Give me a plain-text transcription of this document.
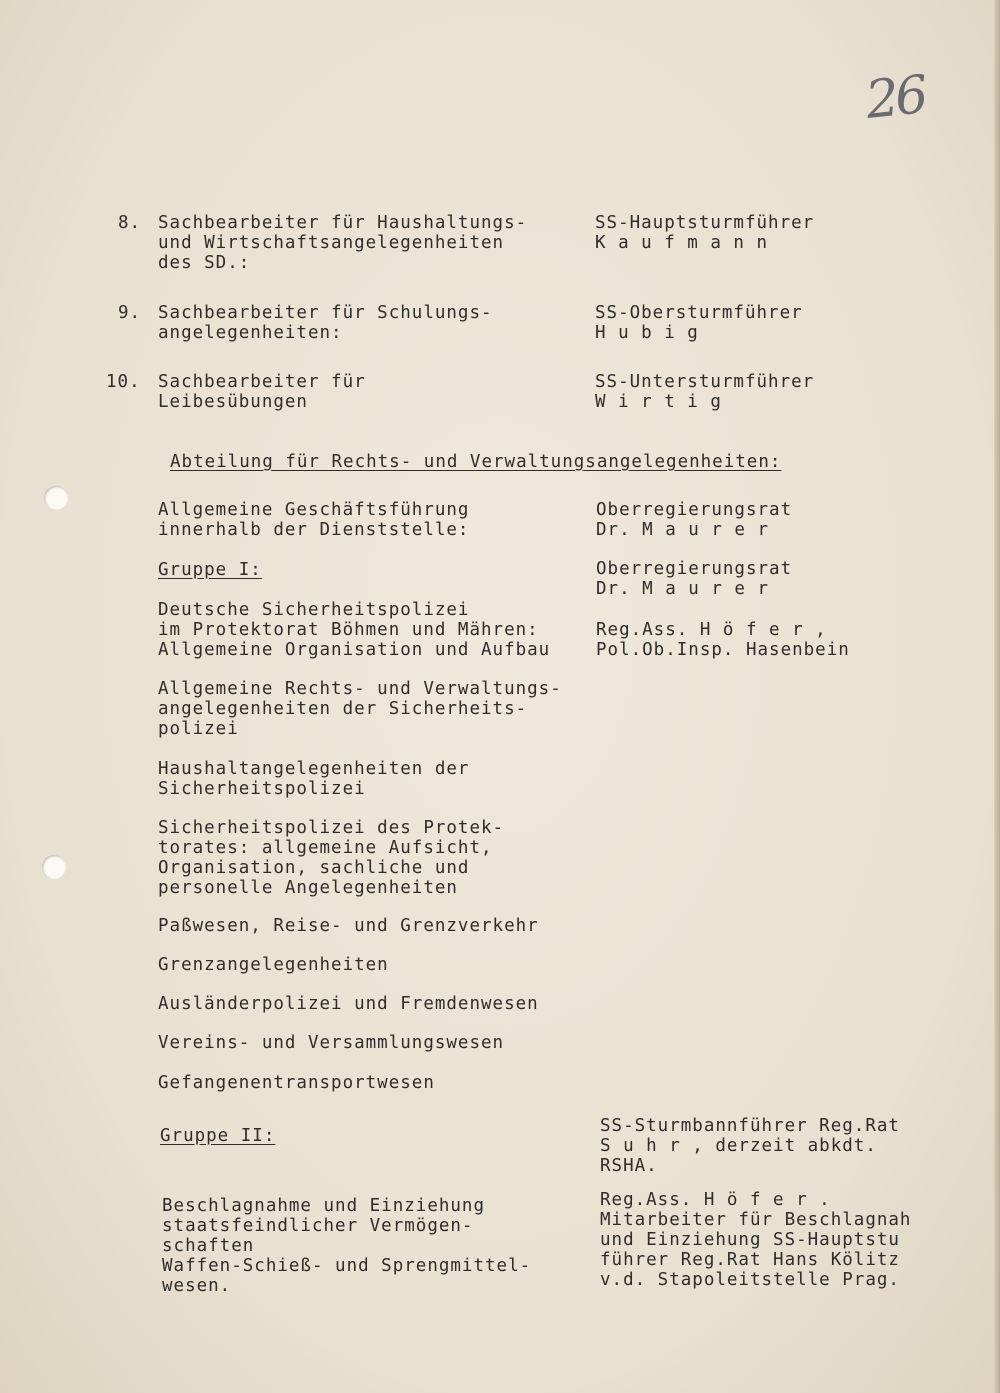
26
8. Sachbearbeiter für Haushaltungs-
und Wirtschaftsangelegenheiten
des SD.:
SS-Hauptsturmführer
K a u f m a n n
9. Sachbearbeiter für Schulungs-
angelegenheiten:
SS-Obersturmführer
H u b i g
10. Sachbearbeiter für
Leibesübungen
SS-Untersturmführer
W i r t i g
Abteilung für Rechts- und Verwaltungsangelegenheiten:
Allgemeine Geschäftsführung
innerhalb der Dienststelle:
Oberregierungsrat
Dr. M a u r e r
Gruppe I:	Oberregierungsrat
Dr. M a u r e r
Deutsche Sicherheitspolizei
im Protektorat Böhmen und Mähren:
Allgemeine Organisation und Aufbau
Reg.Ass. H ö f e r ,
Pol.Ob.Insp. Hasenbein
Allgemeine Rechts- und Verwaltungs-
angelegenheiten der Sicherheits-
polizei
Haushaltangelegenheiten der
Sicherheitspolizei
Sicherheitspolizei des Protek-
torates: allgemeine Aufsicht,
Organisation, sachliche und
personelle Angelegenheiten
Paßwesen, Reise- und Grenzverkehr
Grenzangelegenheiten
Ausländerpolizei und Fremdenwesen
Vereins- und Versammlungswesen
Gefangenentransportwesen
Gruppe II:	SS-Sturmbannführer Reg.Rat
S u h r , derzeit abkdt.
RSHA.
Beschlagnahme und Einziehung
staatsfeindlicher Vermögen-
schaften
Waffen-Schieß- und Sprengmittel-
wesen.
Reg.Ass. H ö f e r .
Mitarbeiter für Beschlagnah
und Einziehung SS-Hauptstu
führer Reg.Rat Hans Kölitz
v.d. Stapoleitstelle Prag.
